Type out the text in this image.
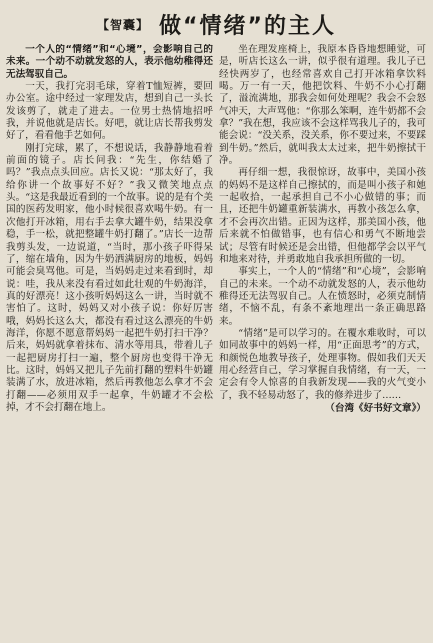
【智囊】 做“情绪”的主人

一个人的“情绪”和“心境”，会影响自己的未来。一个动不动就发怒的人，表示他幼稚得还无法驾驭自己。

一天，我打完羽毛球，穿着T恤短裤，要回办公室。途中经过一家理发店，想到自己一头长发该剪了，就走了进去。一位男士热情地招呼我，并说他就是店长。好吧，就让店长帮我剪发好了，看看他手艺如何。

刚打完球，累了，不想说话，我静静地看着前面的镜子。店长问我：“先生，你结婚了吗？”我点点头回应。店长又说：“那太好了，我给你讲一个故事好不好？”我又微笑地点点头。“这是我最近看到的一个故事。说的是有个美国的医药发明家，他小时候很喜欢喝牛奶。有一次他打开冰箱，用右手去拿大罐牛奶，结果没拿稳，手一松，就把整罐牛奶打翻了。”店长一边帮我剪头发，一边说道，“当时，那小孩子吓得呆了，缩在墙角，因为牛奶洒满厨房的地板，妈妈可能会臭骂他。可是，当妈妈走过来看到时，却说：哇，我从来没有看过如此壮观的牛奶海洋，真的好漂亮！这小孩听妈妈这么一讲，当时就不害怕了。这时，妈妈又对小孩子说：你好厉害哦，妈妈长这么大，都没有看过这么漂亮的牛奶海洋，你愿不愿意帮妈妈一起把牛奶打扫干净？后来，妈妈就拿着抹布、清水等用具，带着儿子一起把厨房打扫一遍，整个厨房也变得干净无比。这时，妈妈又把儿子先前打翻的塑料牛奶罐装满了水，放进冰箱，然后再教他怎么拿才不会打翻——必须用双手一起拿，牛奶罐才不会松掉，才不会打翻在地上。

坐在理发座椅上，我原本昏昏地想睡觉，可是，听店长这么一讲，似乎很有道理。我儿子已经快两岁了，也经常喜欢自己打开冰箱拿饮料喝。万一有一天，他把饮料、牛奶不小心打翻了，溢流满地，那我会如何处理呢？我会不会怒气冲天，大声骂他：“你那么笨啊，连牛奶都不会拿？”我在想，我应该不会这样骂我儿子的，我可能会说：“没关系，没关系，你不要过来，不要踩到牛奶。”然后，就叫我太太过来，把牛奶擦拭干净。

再仔细一想，我很惊讶，故事中，美国小孩的妈妈不是这样自己擦拭的，而是叫小孩子和她一起收拾，一起承担自己不小心做错的事；而且，还把牛奶罐重新装满水，再教小孩怎么拿，才不会再次出错。正因为这样，那美国小孩，他后来就不怕做错事，也有信心和勇气不断地尝试；尽管有时候还是会出错，但他都学会以平气和地来对待，并勇敢地自我承担所做的一切。

事实上，一个人的“情绪”和“心境”，会影响自己的未来。一个动不动就发怒的人，表示他幼稚得还无法驾驭自己。人在愤怒时，必须克制情绪，不恼不乱，有条不紊地理出一条正确思路来。

“情绪”是可以学习的。在覆水难收时，可以如同故事中的妈妈一样，用“正面思考”的方式，和颜悦色地教导孩子，处理事物。假如我们天天用心经营自己，学习掌握自我情绪，有一天，一定会有令人惊喜的自我新发现——我的火气变小了，我不轻易动怒了，我的修养进步了……

（台湾《好书好文章》）
